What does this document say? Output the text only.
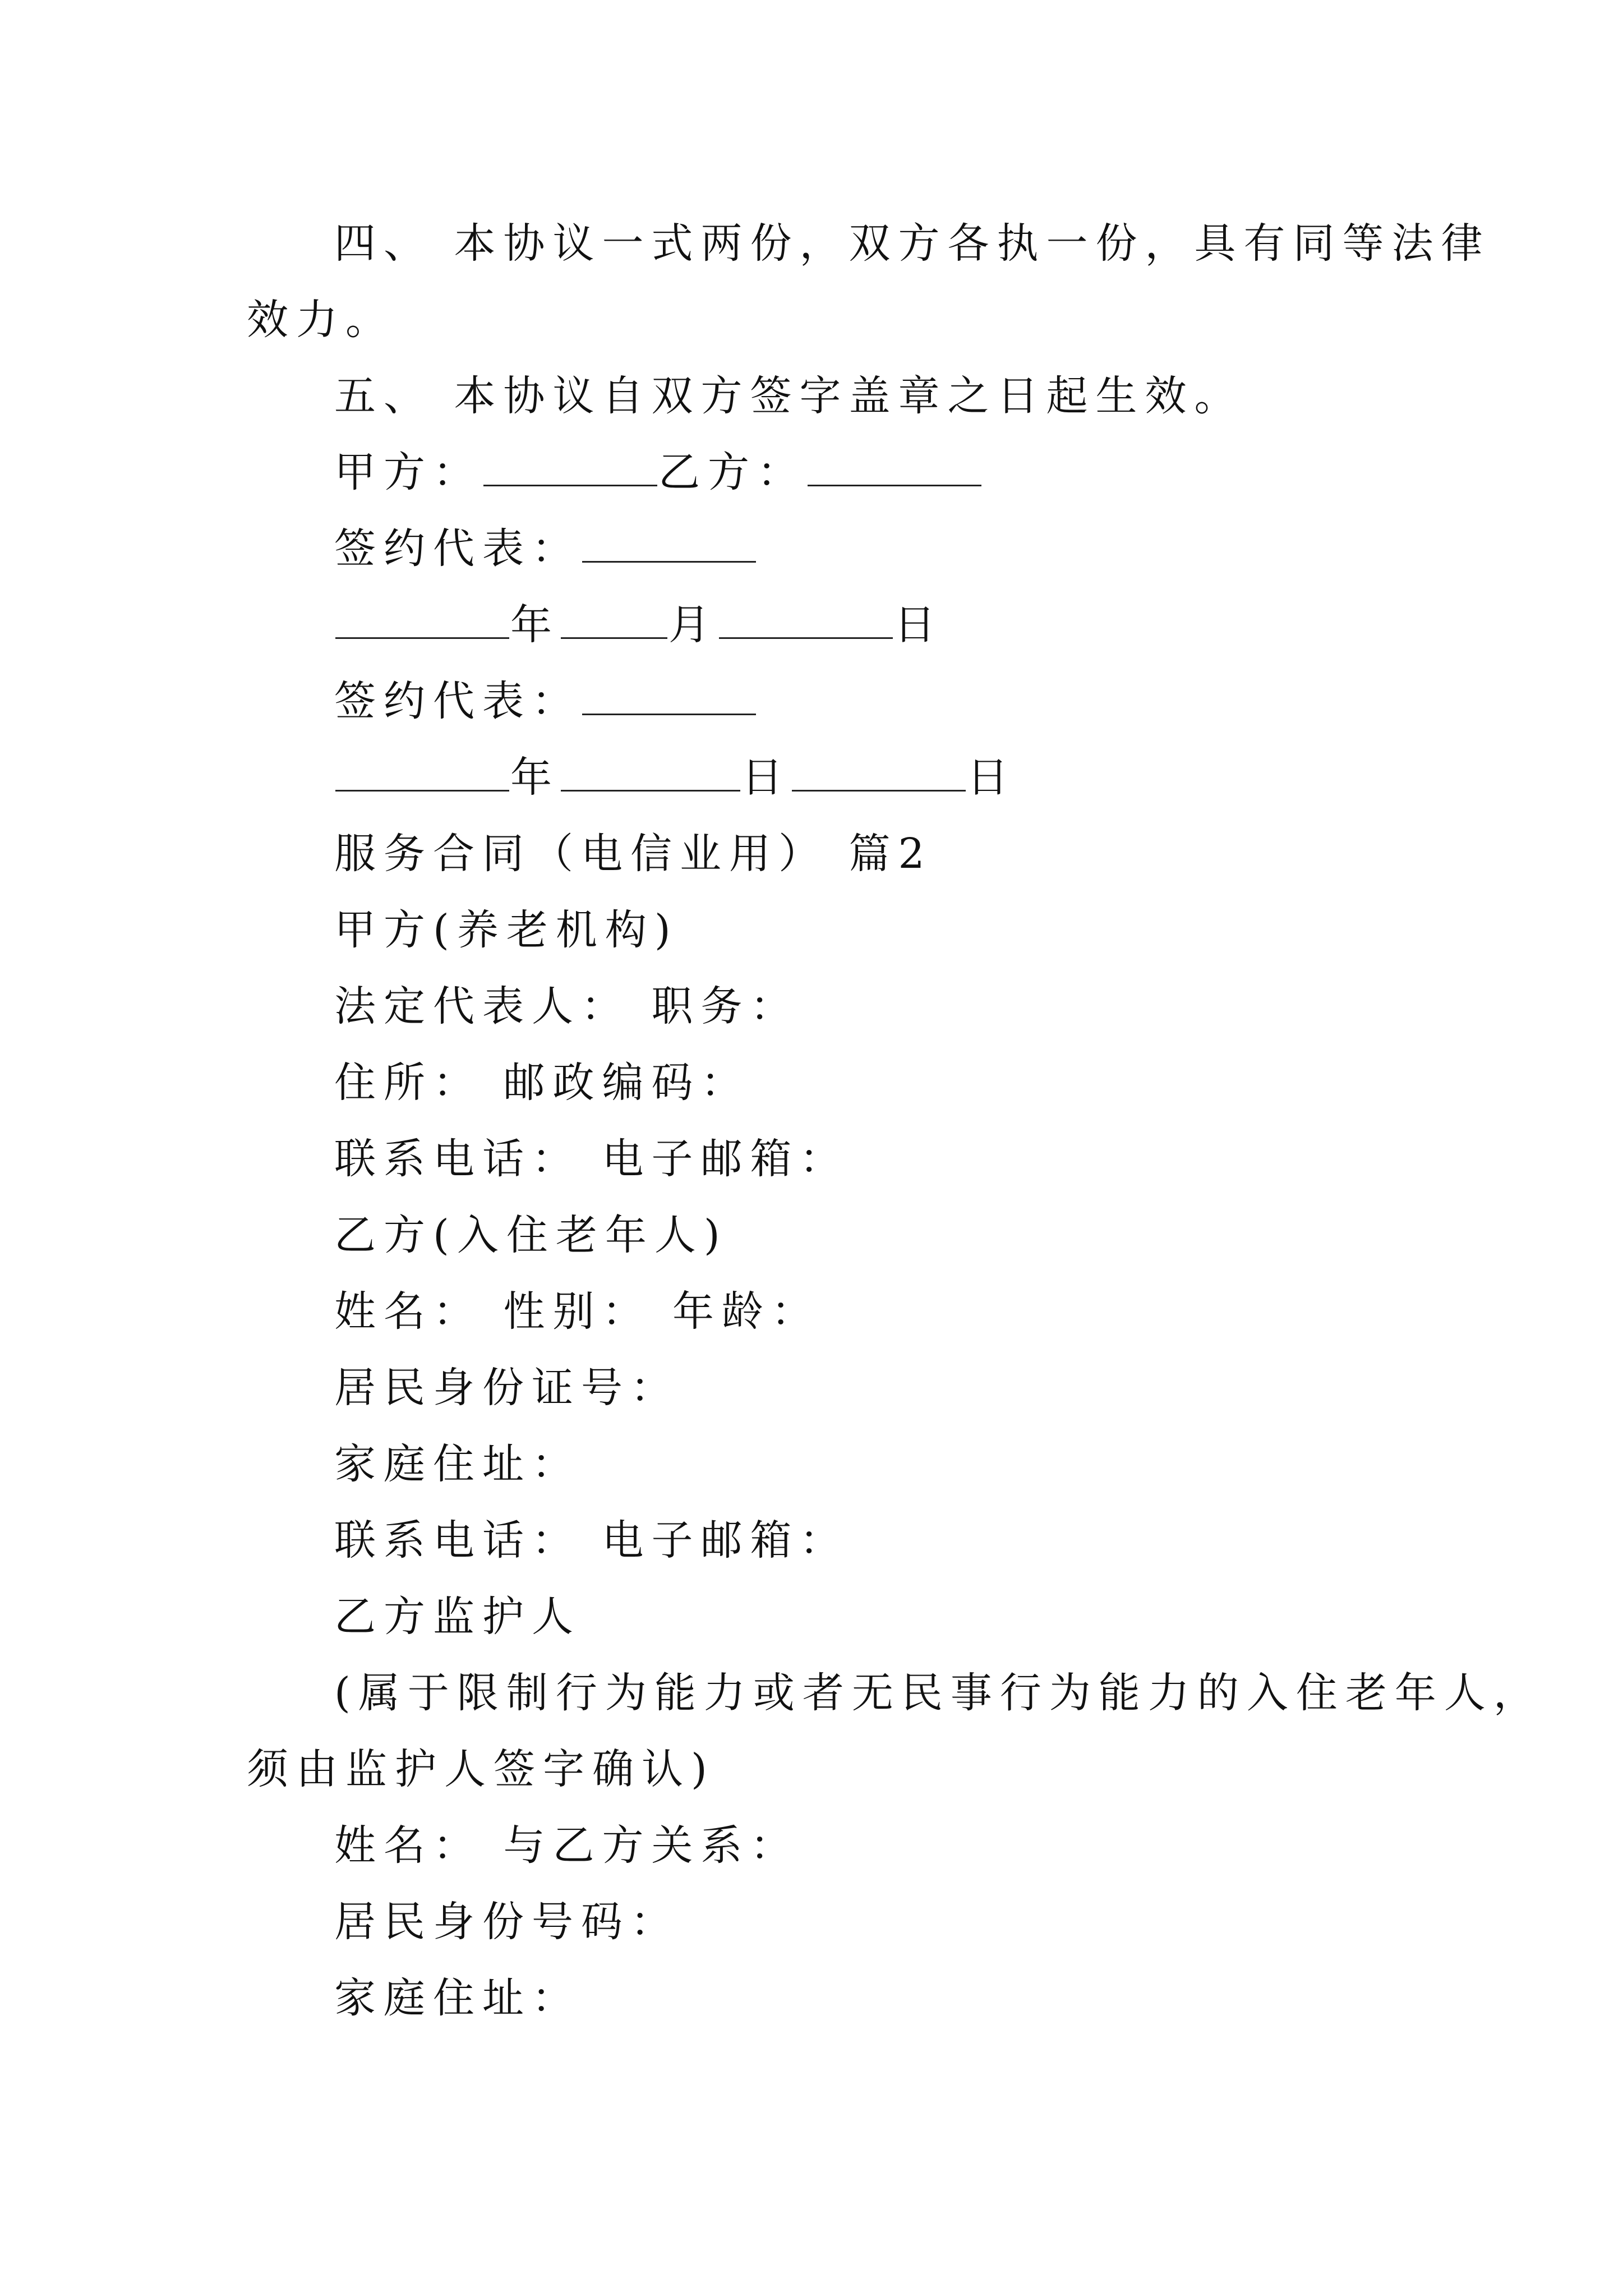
四、 本协议一式两份，双方各执一份，具有同等法律
效力。
五、 本协议自双方签字盖章之日起生效。
甲方：	乙方：
签约代表：
年	月	日
签约代表：
年	日	日
服务合同（电信业用） 篇2
甲方(养老机构)
法定代表人： 职务：
住所： 邮政编码：
联系电话： 电子邮箱：
乙方(入住老年人)
姓名： 性别： 年龄：
居民身份证号：
家庭住址：
联系电话： 电子邮箱：
乙方监护人
(属于限制行为能力或者无民事行为能力的入住老年人，
须由监护人签字确认)
姓名： 与乙方关系：
居民身份号码：
家庭住址：
